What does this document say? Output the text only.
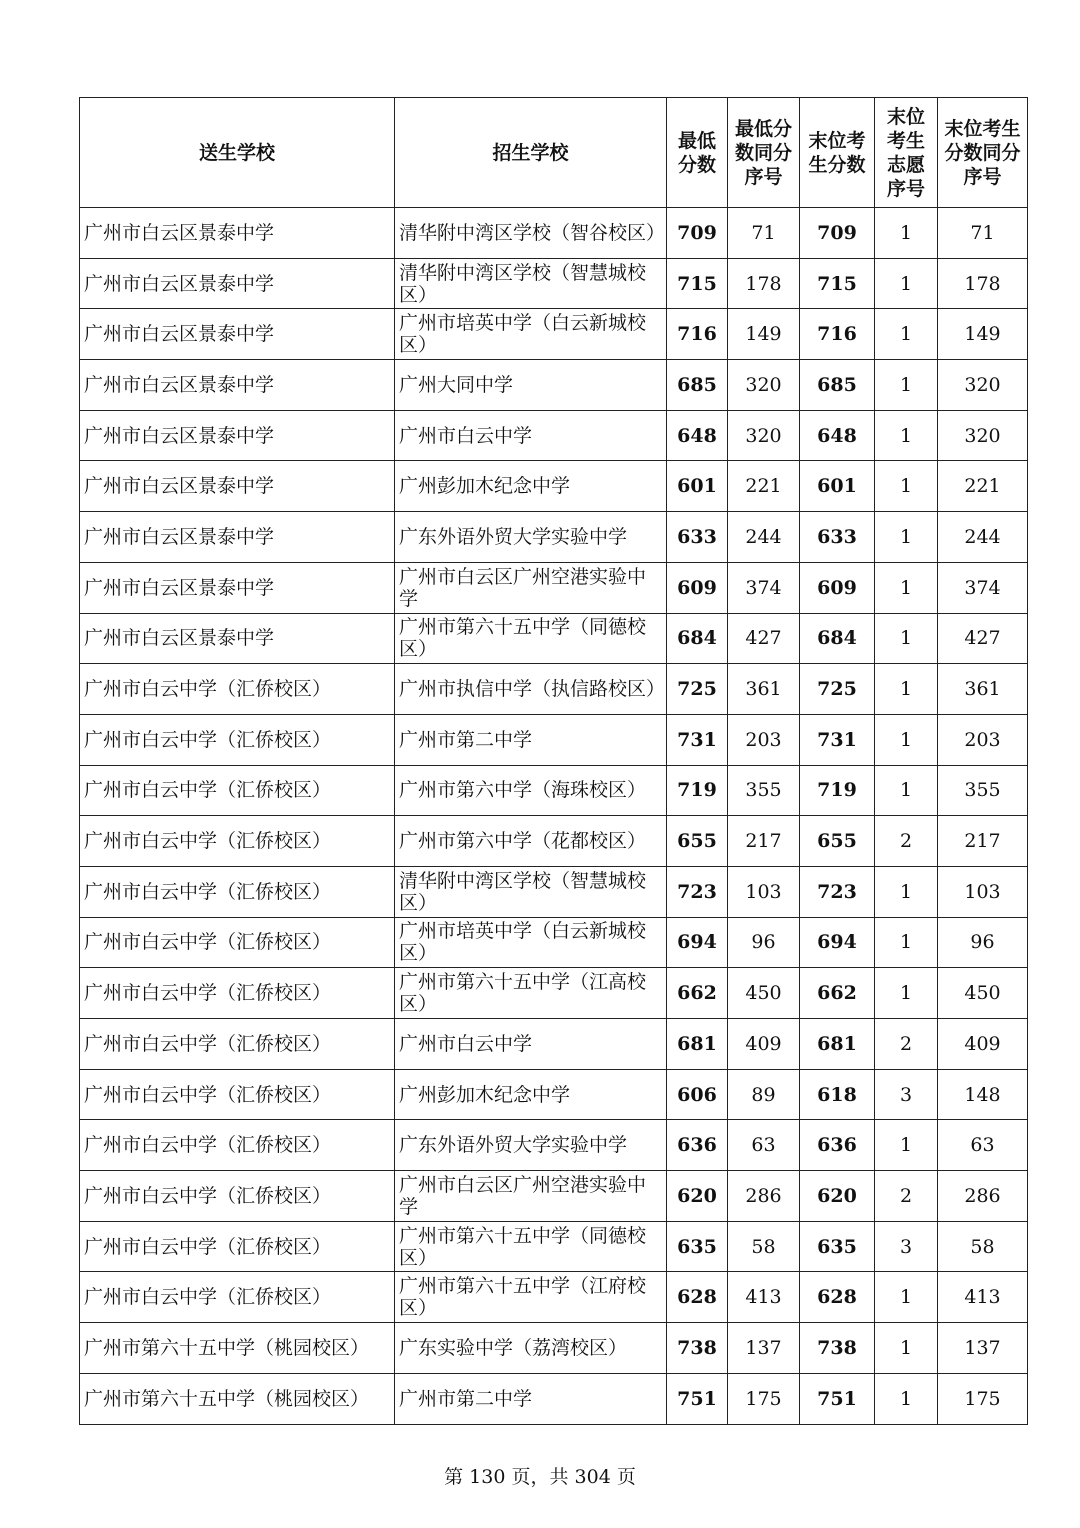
送生学校	招生学校	最低分数	最低分数同分序号	末位考生分数	末位考生志愿序号	末位考生分数同分序号

广州市白云区景泰中学	清华附中湾区学校（智谷校区）	709	71	709	1	71
广州市白云区景泰中学	清华附中湾区学校（智慧城校区）	715	178	715	1	178
广州市白云区景泰中学	广州市培英中学（白云新城校区）	716	149	716	1	149
广州市白云区景泰中学	广州大同中学	685	320	685	1	320
广州市白云区景泰中学	广州市白云中学	648	320	648	1	320
广州市白云区景泰中学	广州彭加木纪念中学	601	221	601	1	221
广州市白云区景泰中学	广东外语外贸大学实验中学	633	244	633	1	244
广州市白云区景泰中学	广州市白云区广州空港实验中学	609	374	609	1	374
广州市白云区景泰中学	广州市第六十五中学（同德校区）	684	427	684	1	427
广州市白云中学（汇侨校区）	广州市执信中学（执信路校区）	725	361	725	1	361
广州市白云中学（汇侨校区）	广州市第二中学	731	203	731	1	203
广州市白云中学（汇侨校区）	广州市第六中学（海珠校区）	719	355	719	1	355
广州市白云中学（汇侨校区）	广州市第六中学（花都校区）	655	217	655	2	217
广州市白云中学（汇侨校区）	清华附中湾区学校（智慧城校区）	723	103	723	1	103
广州市白云中学（汇侨校区）	广州市培英中学（白云新城校区）	694	96	694	1	96
广州市白云中学（汇侨校区）	广州市第六十五中学（江高校区）	662	450	662	1	450
广州市白云中学（汇侨校区）	广州市白云中学	681	409	681	2	409
广州市白云中学（汇侨校区）	广州彭加木纪念中学	606	89	618	3	148
广州市白云中学（汇侨校区）	广东外语外贸大学实验中学	636	63	636	1	63
广州市白云中学（汇侨校区）	广州市白云区广州空港实验中学	620	286	620	2	286
广州市白云中学（汇侨校区）	广州市第六十五中学（同德校区）	635	58	635	3	58
广州市白云中学（汇侨校区）	广州市第六十五中学（江府校区）	628	413	628	1	413
广州市第六十五中学（桃园校区）	广东实验中学（荔湾校区）	738	137	738	1	137
广州市第六十五中学（桃园校区）	广州市第二中学	751	175	751	1	175
第 130 页，共 304 页
